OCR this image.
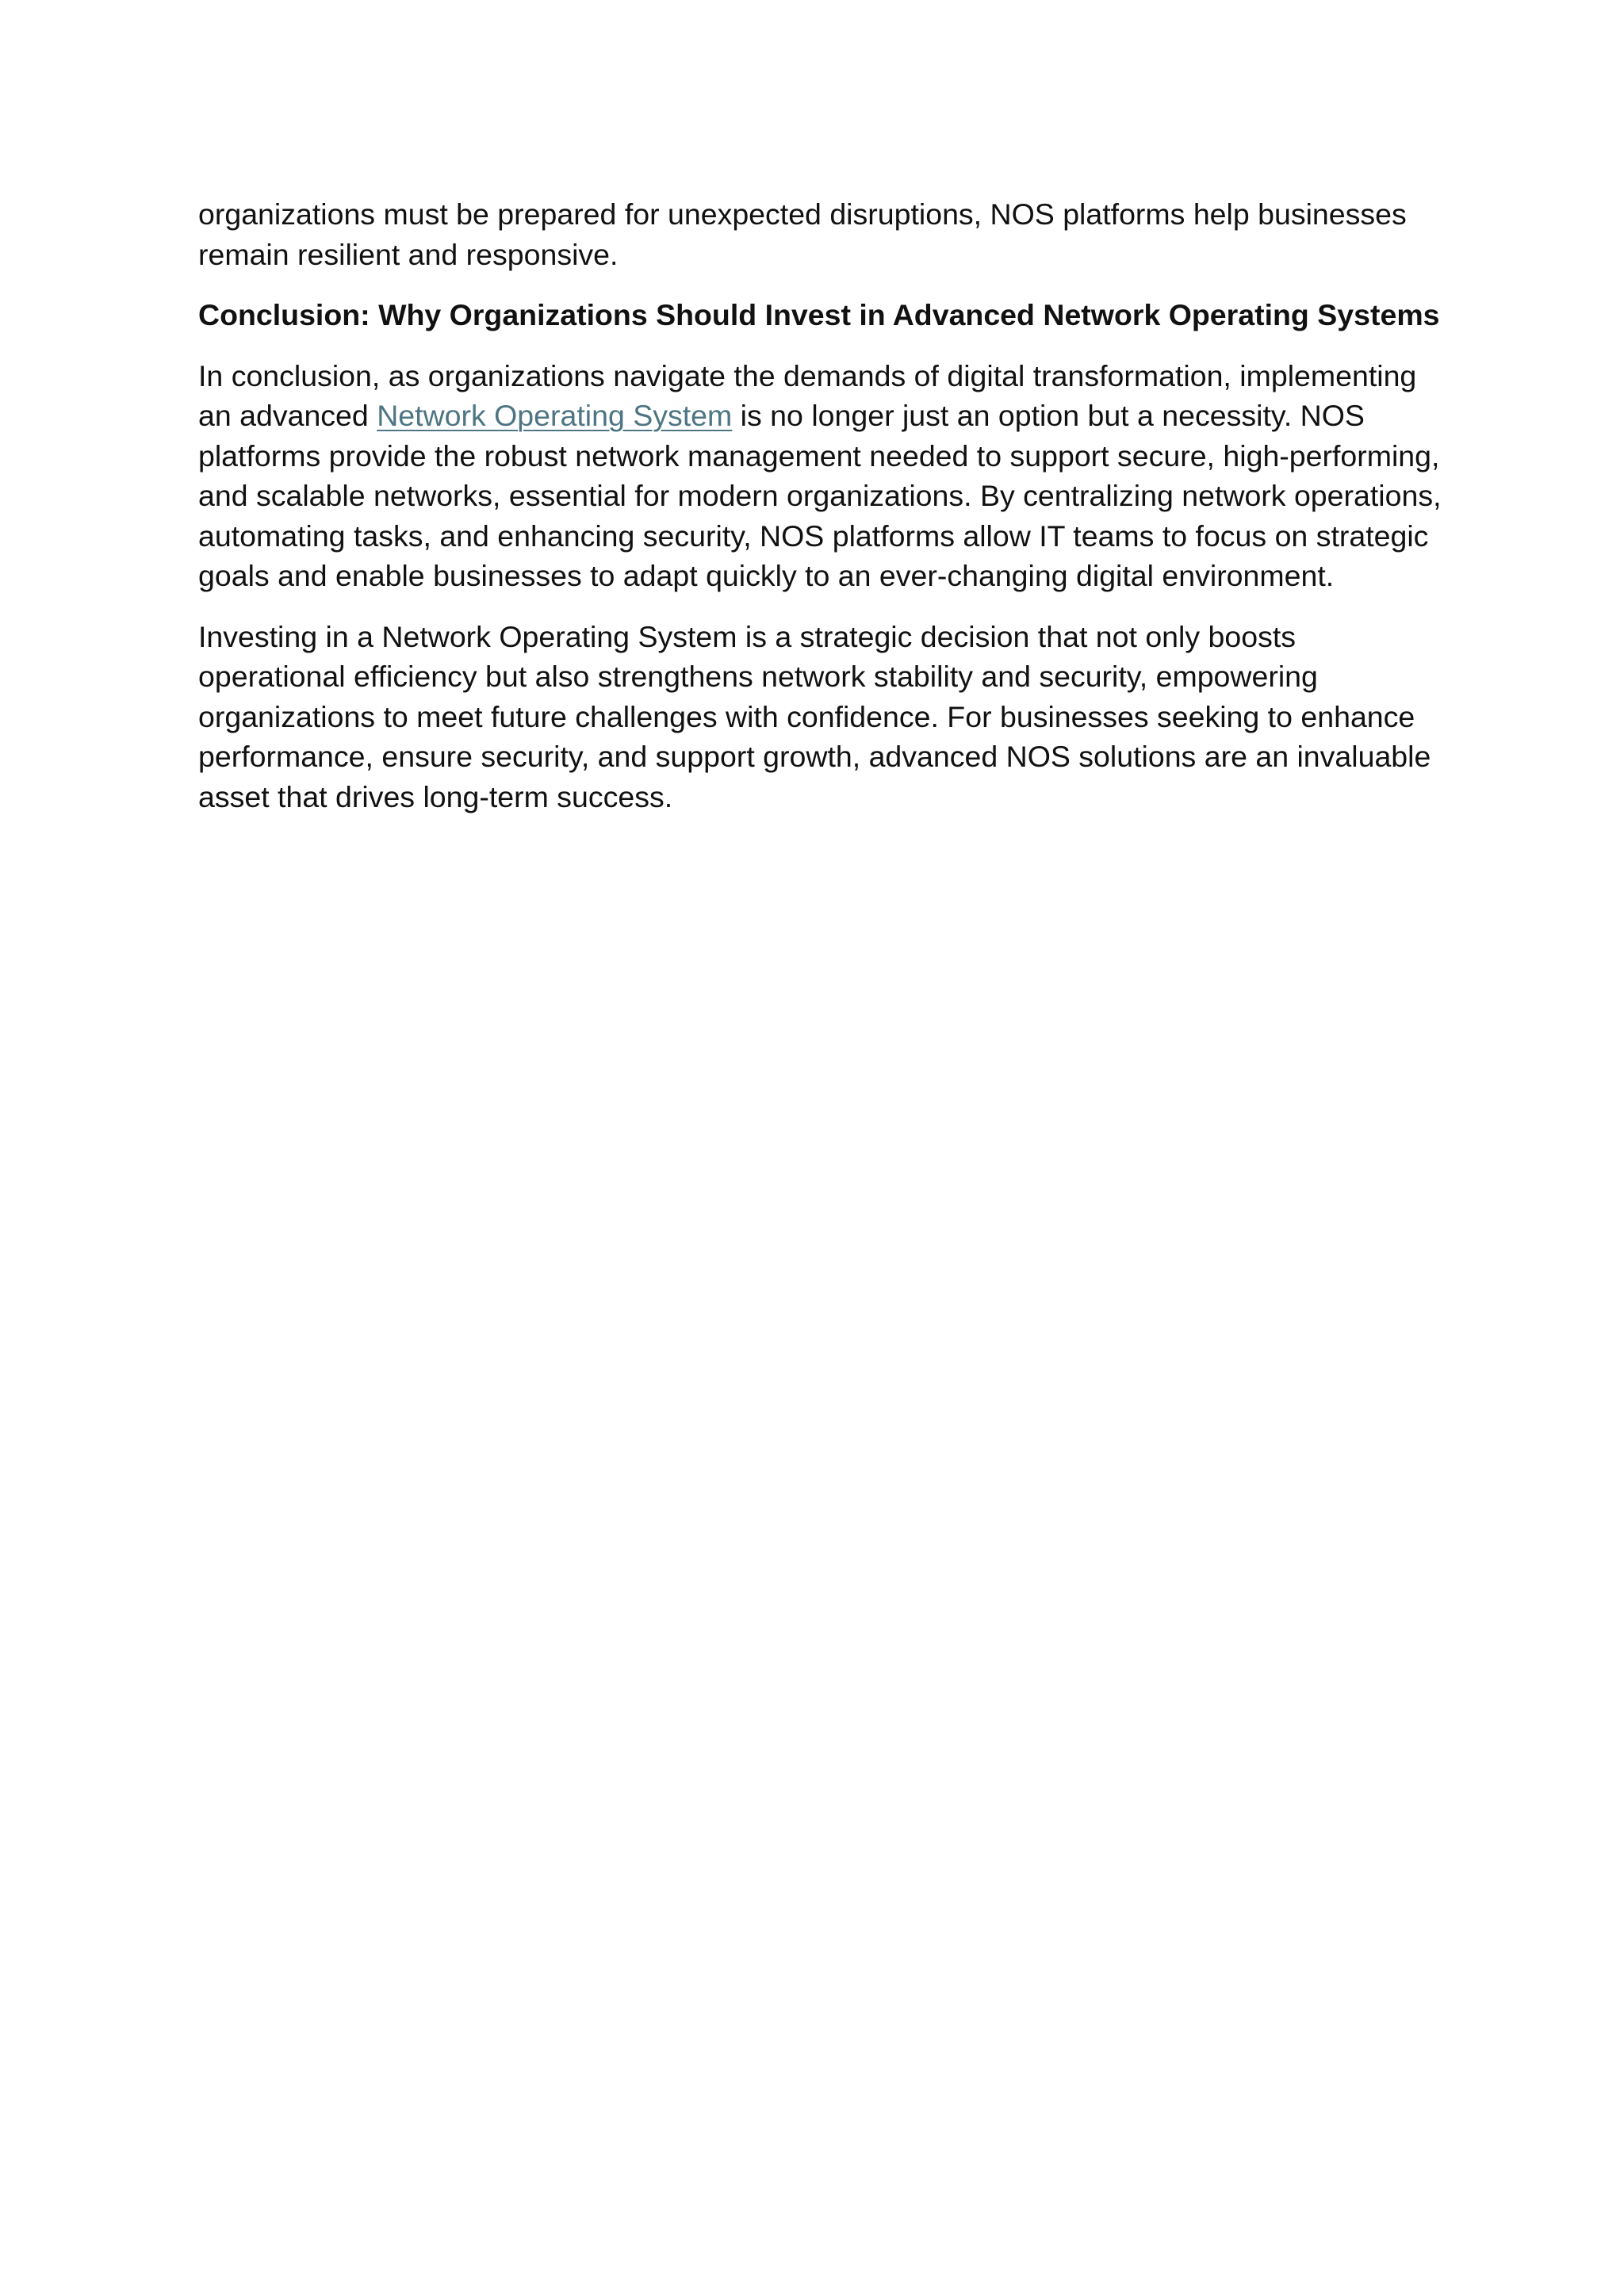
organizations must be prepared for unexpected disruptions, NOS platforms help businesses remain resilient and responsive.

Conclusion: Why Organizations Should Invest in Advanced Network Operating Systems

In conclusion, as organizations navigate the demands of digital transformation, implementing an advanced Network Operating System is no longer just an option but a necessity. NOS platforms provide the robust network management needed to support secure, high-performing, and scalable networks, essential for modern organizations. By centralizing network operations, automating tasks, and enhancing security, NOS platforms allow IT teams to focus on strategic goals and enable businesses to adapt quickly to an ever-changing digital environment.

Investing in a Network Operating System is a strategic decision that not only boosts operational efficiency but also strengthens network stability and security, empowering organizations to meet future challenges with confidence. For businesses seeking to enhance performance, ensure security, and support growth, advanced NOS solutions are an invaluable asset that drives long-term success.
